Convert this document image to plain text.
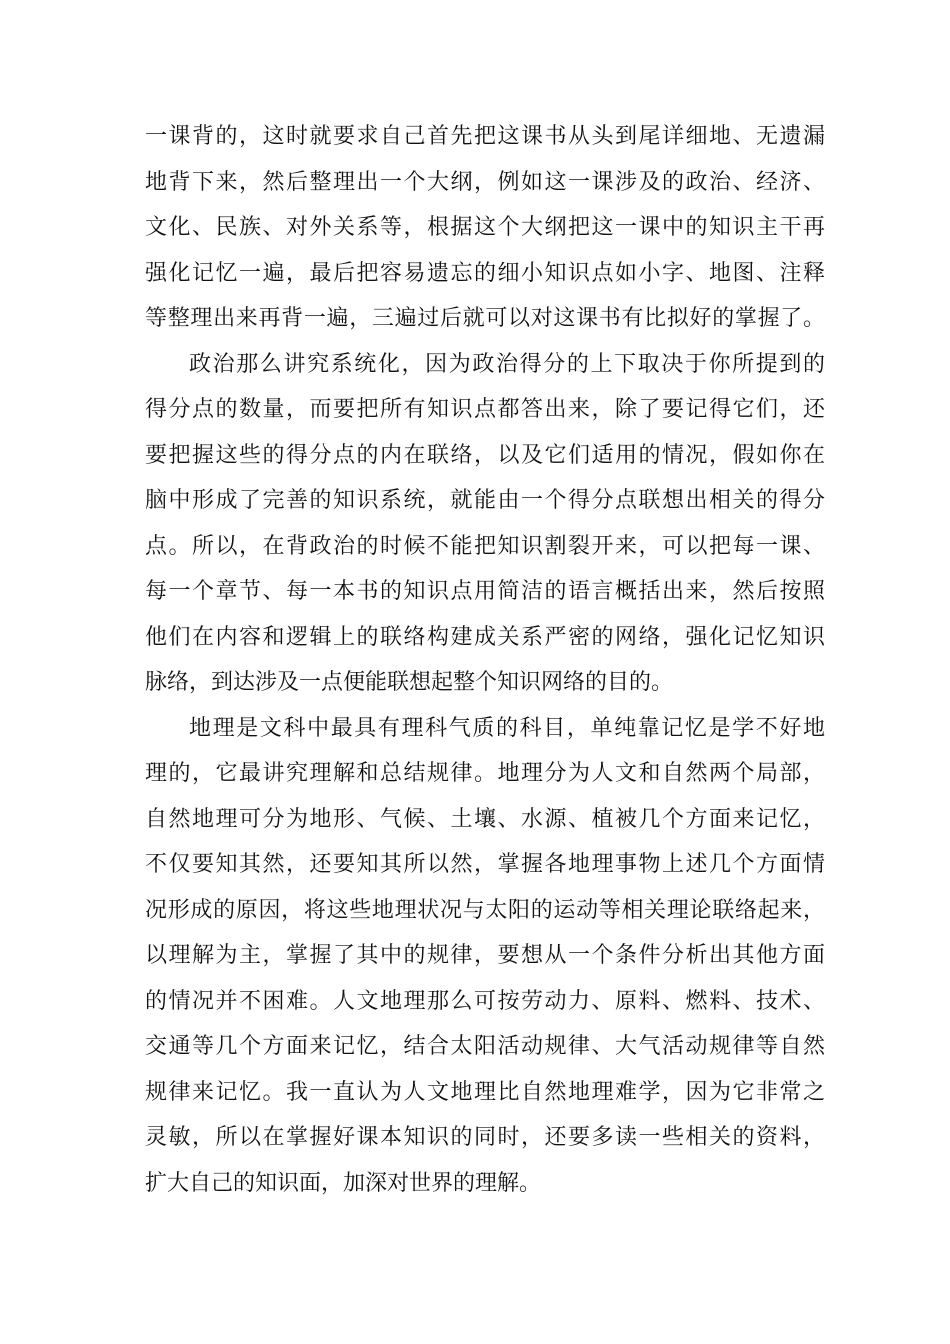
一课背的，这时就要求自己首先把这课书从头到尾详细地、无遗漏
地背下来，然后整理出一个大纲，例如这一课涉及的政治、经济、
文化、民族、对外关系等，根据这个大纲把这一课中的知识主干再
强化记忆一遍，最后把容易遗忘的细小知识点如小字、地图、注释
等整理出来再背一遍，三遍过后就可以对这课书有比拟好的掌握了。
政治那么讲究系统化，因为政治得分的上下取决于你所提到的
得分点的数量，而要把所有知识点都答出来，除了要记得它们，还
要把握这些的得分点的内在联络，以及它们适用的情况，假如你在
脑中形成了完善的知识系统，就能由一个得分点联想出相关的得分
点。所以，在背政治的时候不能把知识割裂开来，可以把每一课、
每一个章节、每一本书的知识点用简洁的语言概括出来，然后按照
他们在内容和逻辑上的联络构建成关系严密的网络，强化记忆知识
脉络，到达涉及一点便能联想起整个知识网络的目的。
地理是文科中最具有理科气质的科目，单纯靠记忆是学不好地
理的，它最讲究理解和总结规律。地理分为人文和自然两个局部，
自然地理可分为地形、气候、土壤、水源、植被几个方面来记忆，
不仅要知其然，还要知其所以然，掌握各地理事物上述几个方面情
况形成的原因，将这些地理状况与太阳的运动等相关理论联络起来，
以理解为主，掌握了其中的规律，要想从一个条件分析出其他方面
的情况并不困难。人文地理那么可按劳动力、原料、燃料、技术、
交通等几个方面来记忆，结合太阳活动规律、大气活动规律等自然
规律来记忆。我一直认为人文地理比自然地理难学，因为它非常之
灵敏，所以在掌握好课本知识的同时，还要多读一些相关的资料，
扩大自己的知识面，加深对世界的理解。
